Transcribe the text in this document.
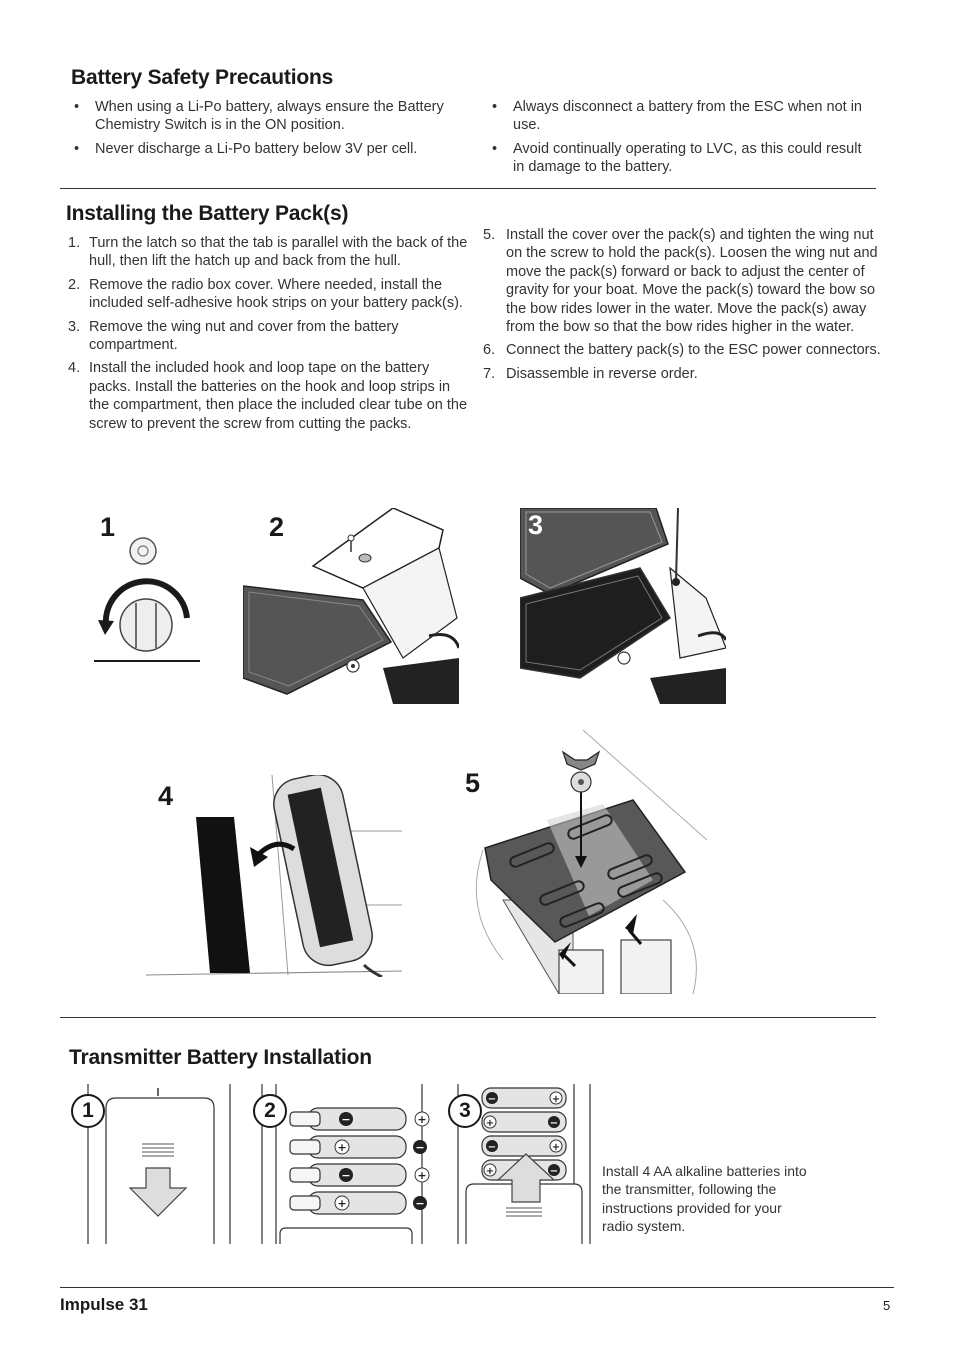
Battery Safety Precautions
• When using a Li-Po battery, always ensure the Battery Chemistry Switch is in the ON position.
• Never discharge a Li-Po battery below 3V per cell.
• Always disconnect a battery from the ESC when not in use.
• Avoid continually operating to LVC, as this could result in damage to the battery.
Installing the Battery Pack(s)
1. Turn the latch so that the tab is parallel with the back of the hull, then lift the hatch up and back from the hull.
2. Remove the radio box cover. Where needed, install the included self-adhesive hook strips on your battery pack(s).
3. Remove the wing nut and cover from the battery compartment.
4. Install the included hook and loop tape on the battery packs. Install the batteries on the hook and loop strips in the compartment, then place the included clear tube on the screw to prevent the screw from cutting the packs.
5. Install the cover over the pack(s) and tighten the wing nut on the screw to hold the pack(s). Loosen the wing nut and move the pack(s) forward or back to adjust the center of gravity for your boat. Move the pack(s) toward the bow so the bow rides lower in the water. Move the pack(s) away from the bow so that the bow rides higher in the water.
6. Connect the battery pack(s) to the ESC power connectors.
7. Disassemble in reverse order.
1	2	3
4	5
Transmitter Battery Installation
1	−	+
+	−
−	+
+	−
2	−	+
+	−
−	+
+	−
3
Install 4 AA alkaline batteries into the transmitter, following the instructions provided for your radio system.
Impulse 31	5
